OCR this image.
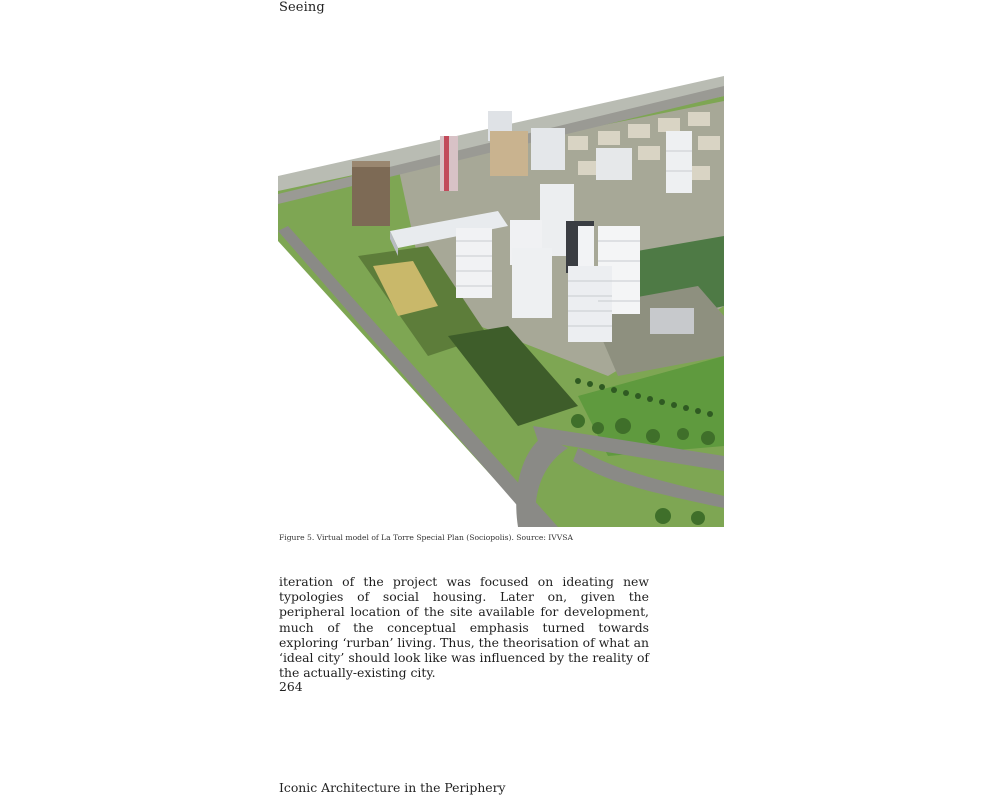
Seeing
Figure 5. Virtual model of La Torre Special Plan (Sociopolis). Source: IVVSA

iteration of the project was focused on ideating new typologies of social housing. Later on, given the peripheral location of the site available for development, much of the conceptual emphasis turned towards exploring ‘rurban’ living. Thus, the theorisation of what an ‘ideal city’ should look like was influenced by the reality of the actually-existing city.

264
Iconic Architecture in the Periphery
